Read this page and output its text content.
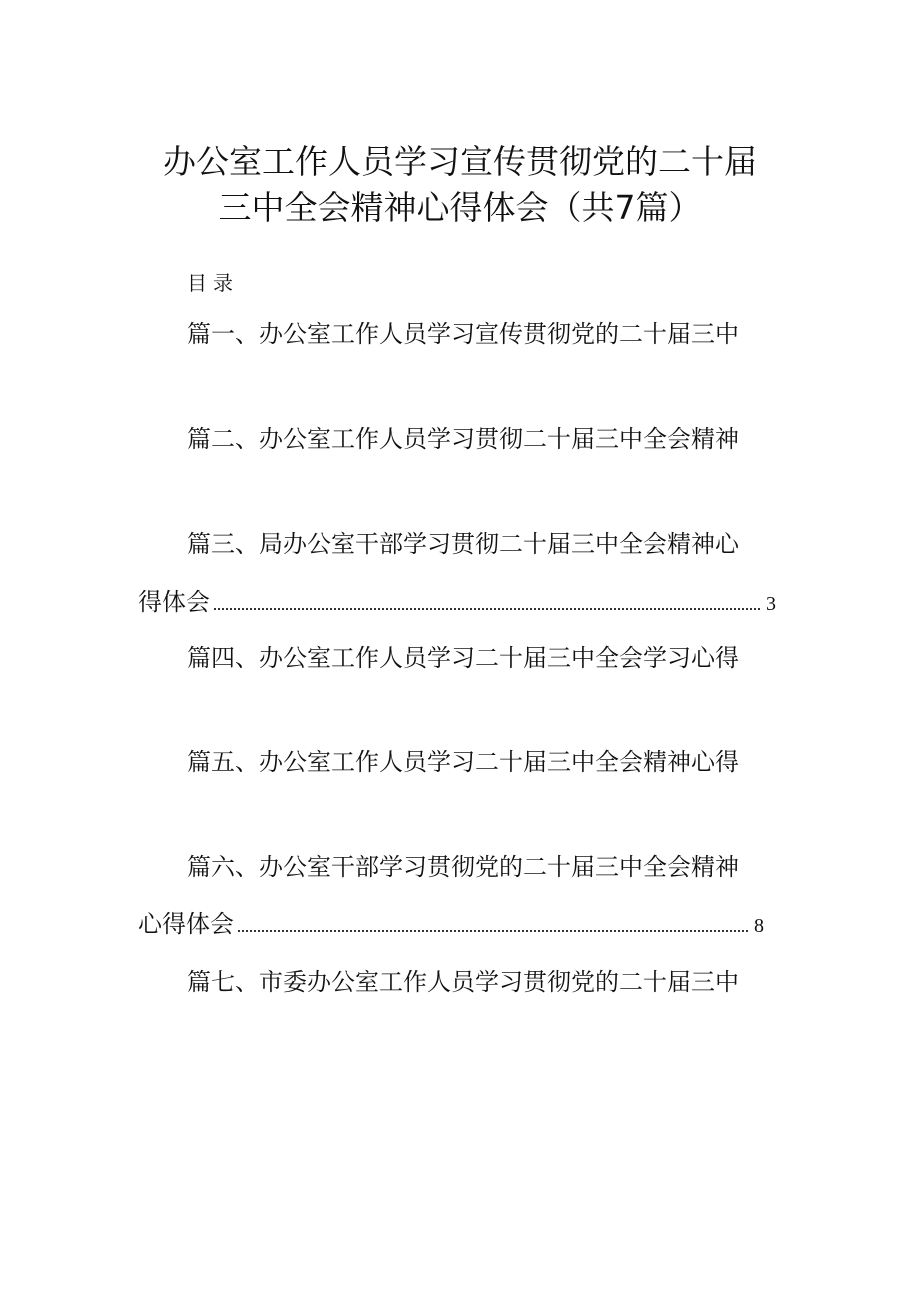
办公室工作人员学习宣传贯彻党的二十届
三中全会精神心得体会（共7篇）
目录
篇一、办公室工作人员学习宣传贯彻党的二十届三中
篇二、办公室工作人员学习贯彻二十届三中全会精神
篇三、局办公室干部学习贯彻二十届三中全会精神心
得体会	3
篇四、办公室工作人员学习二十届三中全会学习心得
篇五、办公室工作人员学习二十届三中全会精神心得
篇六、办公室干部学习贯彻党的二十届三中全会精神
心得体会	8
篇七、市委办公室工作人员学习贯彻党的二十届三中
